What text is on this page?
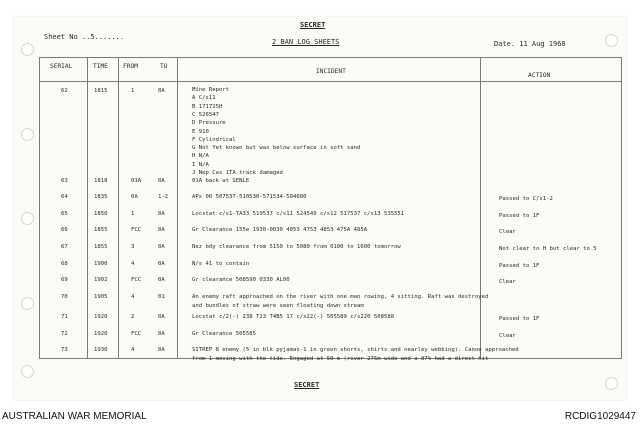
SECRET
Sheet No ..5.......
2 BAN LOG SHEETS	Date. 11 Aug 1968
SERIAL	TIME FROM	TO
INCIDENT
ACTION
62	1815	1	0A	Mine Report
A C/s11
B 171725H
C 526547
D Pressure
E 910
F Cylindrical
G Not Yet known but was below surface in soft sand
H N/A
I N/A
J Nep Cas 1TA track damaged
63	1818	01A	0A	01A back at SENLE
64	1835	0A	1-2	APs 00 507537-510530-571534-504600	Passed to C/s1-2
65	1850	1	0A	Locstat c/s1-TA33 519537 c/s11 524549 c/s12 517537 c/s13 535551	Passed to 1F
66	1855	FCC	0A	Gr Clearance 155e 1930-0030 4053 4753 4853 475A 485A	Clear
67	1855	3	0A	Nez bdy clearance from 5150 to 5080 from 0100 to 1600 tomorrow	Not clear to H but clear to 5
68	1900	4	0A	N/s 41 to contain	Passed to 1F
69	1902	FCC	0A	Gr clearance 508590 0330 AL00	Clear
70	1905	4	01	An enemy raft approached on the river with one man rowing, 4 sitting. Raft was destroyed
and bundles of straw were seen floating down stream
71	1920	2	0A	Locstat c/2(-) 238 T23 T4B5 17 c/s22(-) 505589 c/s220 508588	Passed to 1F
72	1920	FCC	0A	Gr Clearance 505585	Clear
73	1930	4	0A	SITREP 8 enemy (5 in blk pyjamas-1 in green shorts, shirts and nearley webbing). Canoe approached
from 1 moving with the tide. Engaged at 50 m (river 275m wide and a 87% had a direct hit
SECRET
AUSTRALIAN WAR MEMORIAL	RCDIG1029447
